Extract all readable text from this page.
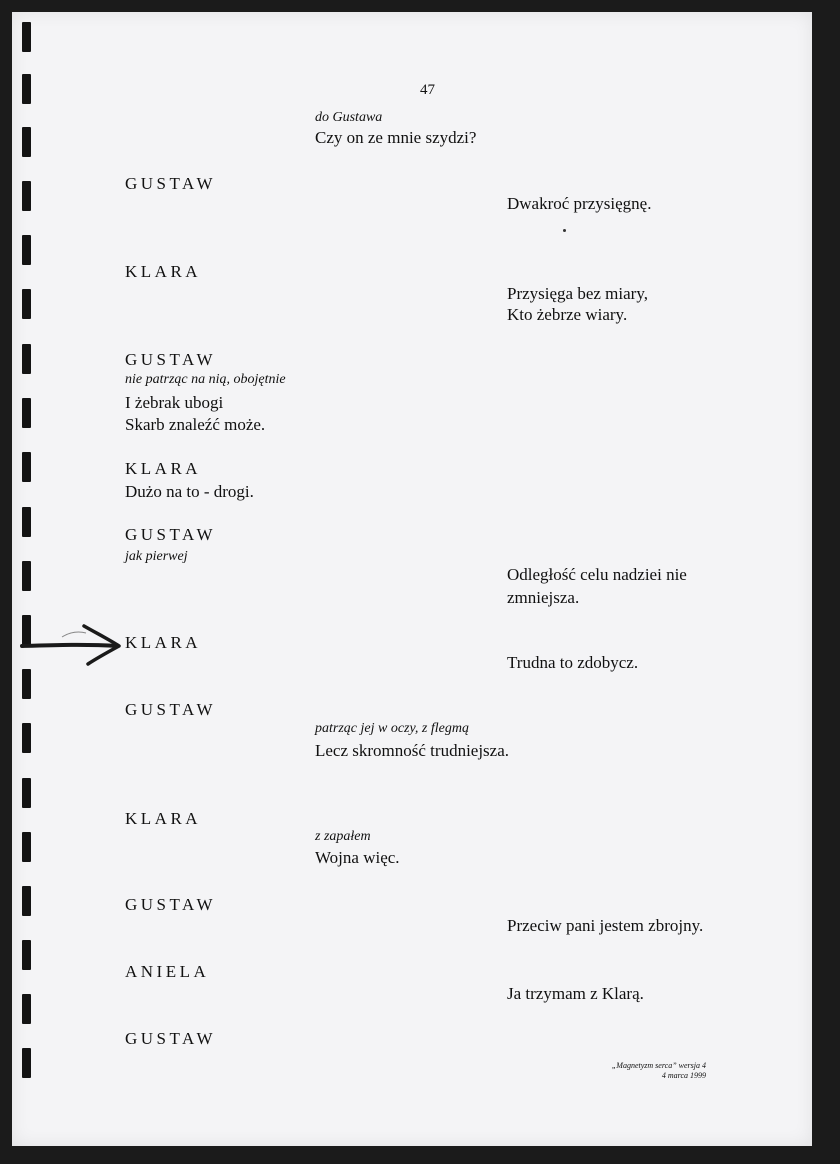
47
do Gustawa
Czy on ze mnie szydzi?
GUSTAW
Dwakroć przysięgnę.
KLARA
Przysięga bez miary,
Kto żebrze wiary.
GUSTAW
nie patrząc na nią, obojętnie
I żebrak ubogi
Skarb znaleźć może.
KLARA
Dużo na to - drogi.
GUSTAW
jak pierwej
Odległość celu nadziei nie
zmniejsza.
KLARA
Trudna to zdobycz.
GUSTAW
patrząc jej w oczy, z flegmą
Lecz skromność trudniejsza.
KLARA
z zapałem
Wojna więc.
GUSTAW
Przeciw pani jestem zbrojny.
ANIELA
Ja trzymam z Klarą.
GUSTAW
„Magnetyzm serca” wersja 4
4 marca 1999
